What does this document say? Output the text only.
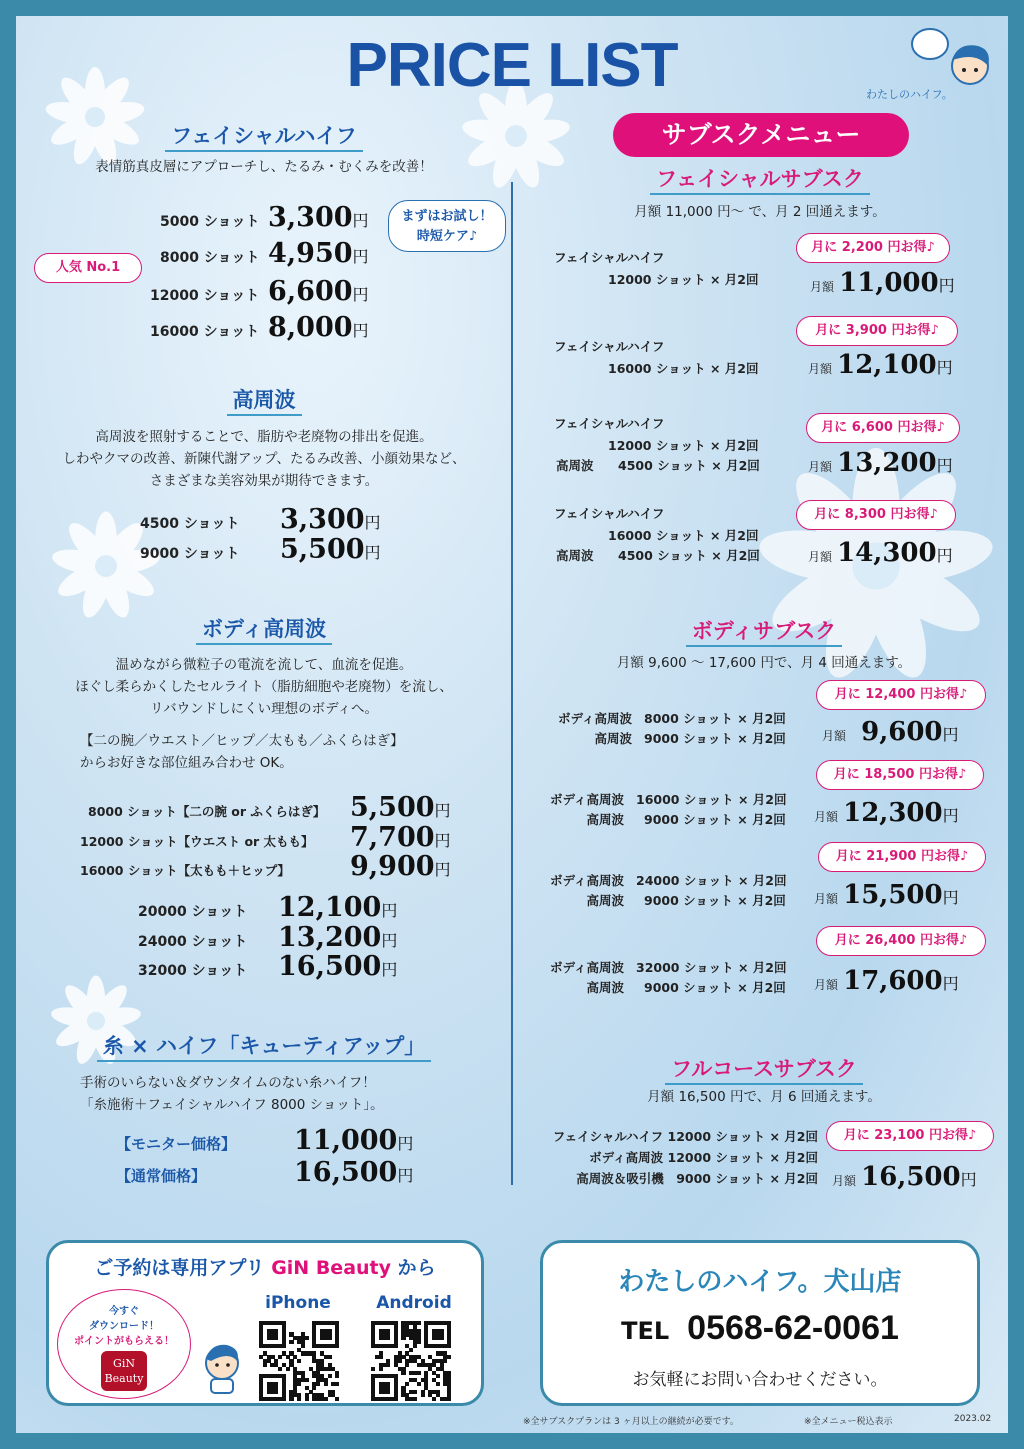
PRICE LIST	わたしのハイフ。
フェイシャルハイフ
表情筋真皮層にアプローチし、たるみ・むくみを改善！
5000 ショット 3,300円
8000 ショット 4,950円
12000 ショット 6,600円
16000 ショット 8,000円
まずはお試し！
時短ケア♪
人気 No.1
高周波
高周波を照射することで、脂肪や老廃物の排出を促進。
しわやクマの改善、新陳代謝アップ、たるみ改善、小顔効果など、
さまざまな美容効果が期待できます。
4500 ショット 3,300円
9000 ショット 5,500円
ボディ高周波
温めながら微粒子の電流を流して、血流を促進。
ほぐし柔らかくしたセルライト（脂肪細胞や老廃物）を流し、
リバウンドしにくい理想のボディへ。
【二の腕／ウエスト／ヒップ／太もも／ふくらはぎ】
からお好きな部位組み合わせ OK。
8000 ショット【二の腕 or ふくらはぎ】 5,500円
12000 ショット【ウエスト or 太もも】 7,700円
16000 ショット【太もも＋ヒップ】 9,900円
20000 ショット 12,100円
24000 ショット 13,200円
32000 ショット 16,500円
糸 × ハイフ「キューティアップ」
手術のいらない＆ダウンタイムのない糸ハイフ！
「糸施術＋フェイシャルハイフ 8000 ショット」。
【モニター価格】 11,000円
【通常価格】	16,500円
サブスクメニュー
フェイシャルサブスク
月額 11,000 円〜 で、月 2 回通えます。
フェイシャルハイフ
12000 ショット × 月2回
月に 2,200 円お得♪
月額 11,000円
フェイシャルハイフ
16000 ショット × 月2回
月に 3,900 円お得♪
月額 12,100円
フェイシャルハイフ
12000 ショット × 月2回
高周波 4500 ショット × 月2回
月に 6,600 円お得♪
月額 13,200円
フェイシャルハイフ
16000 ショット × 月2回
高周波 4500 ショット × 月2回
月に 8,300 円お得♪
月額 14,300円
ボディサブスク
月額 9,600 〜 17,600 円で、月 4 回通えます。
ボディ高周波 8000 ショット × 月2回
高周波 9000 ショット × 月2回
月に 12,400 円お得♪
月額 9,600円
ボディ高周波 16000 ショット × 月2回
高周波	9000 ショット × 月2回
月に 18,500 円お得♪
月額 12,300円
ボディ高周波 24000 ショット × 月2回
高周波	9000 ショット × 月2回
月に 21,900 円お得♪
月額 15,500円
ボディ高周波 32000 ショット × 月2回
高周波	9000 ショット × 月2回
月に 26,400 円お得♪
月額 17,600円
フルコースサブスク
月額 16,500 円で、月 6 回通えます。
フェイシャルハイフ 12000 ショット × 月2回
ボディ高周波 12000 ショット × 月2回
高周波＆吸引機　9000 ショット × 月2回
月に 23,100 円お得♪
月額 16,500円
ご予約は専用アプリ GiN Beauty から
今すぐ
ダウンロード！
ポイントがもらえる！
GiN
Beauty
iPhone	Android
わたしのハイフ。犬山店
TEL 0568-62-0061
お気軽にお問い合わせください。
※全サブスクプランは 3 ヶ月以上の継続が必要です。	※全メニュー税込表示	2023.02
